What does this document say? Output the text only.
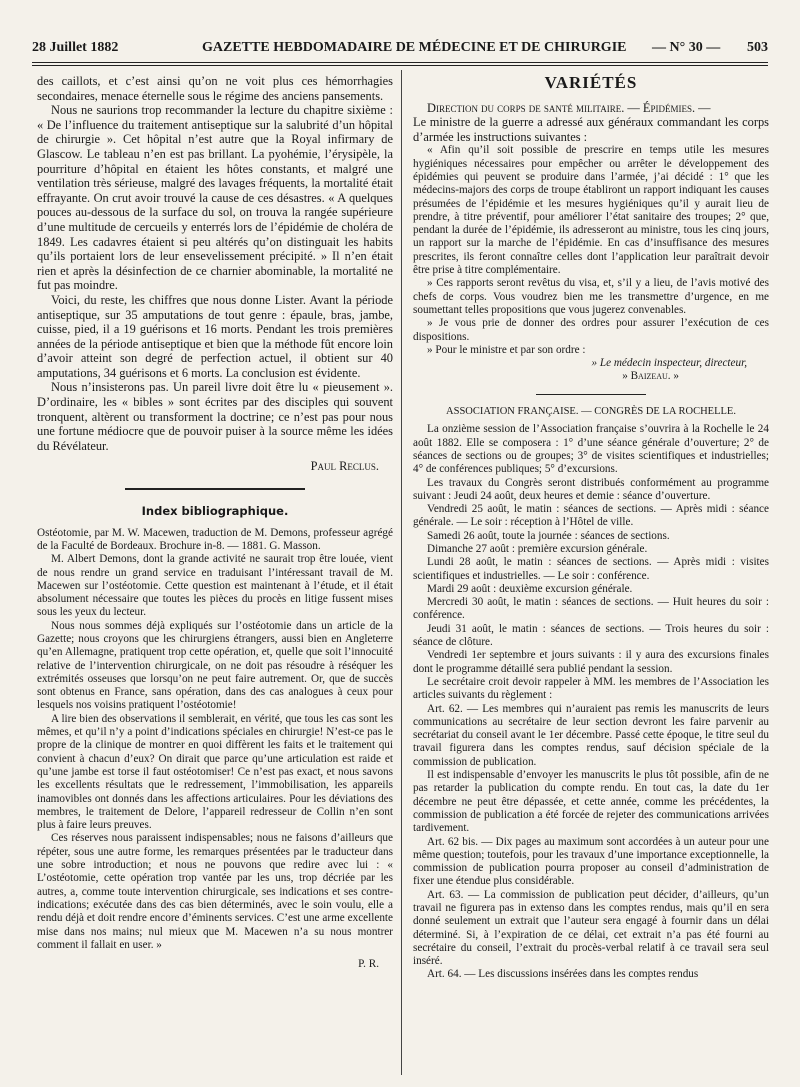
28 Juillet 1882	GAZETTE HEBDOMADAIRE DE MÉDECINE ET DE CHIRURGIE — N° 30 — 503

des caillots, et c’est ainsi qu’on ne voit plus ces hémorrhagies secondaires, menace éternelle sous le régime des anciens pansements.

Nous ne saurions trop recommander la lecture du chapitre sixième : « De l’influence du traitement antiseptique sur la salubrité d’un hôpital de chirurgie ». Cet hôpital n’est autre que la Royal infirmary de Glascow. Le tableau n’en est pas brillant. La pyohémie, l’érysipèle, la pourriture d’hôpital en étaient les hôtes constants, et malgré une ventilation très sérieuse, malgré des lavages fréquents, la mortalité était effrayante. On crut avoir trouvé la cause de ces désastres. « A quelques pouces au-dessous de la surface du sol, on trouva la rangée supérieure d’une multitude de cercueils y enterrés lors de l’épidémie de choléra de 1849. Les cadavres étaient si peu altérés qu’on distinguait les habits qu’ils portaient lors de leur ensevelissement précipité. » Il n’en était rien et après la désinfection de ce charnier abominable, la mortalité ne fut pas moindre.

Voici, du reste, les chiffres que nous donne Lister. Avant la période antiseptique, sur 35 amputations de tout genre : épaule, bras, jambe, cuisse, pied, il a 19 guérisons et 16 morts. Pendant les trois premières années de la période antiseptique et bien que la méthode fût encore loin d’avoir atteint son degré de perfection actuel, il obtient sur 40 amputations, 34 guérisons et 6 morts. La conclusion est évidente.

Nous n’insisterons pas. Un pareil livre doit être lu « pieusement ». D’ordinaire, les « bibles » sont écrites par des disciples qui souvent tronquent, altèrent ou transforment la doctrine; ce n’est pas pour nous une fortune médiocre que de pouvoir puiser à la source même les idées du Révélateur.

Paul Reclus.

Index bibliographique.

Ostéotomie, par M. W. Macewen, traduction de M. Demons, professeur agrégé de la Faculté de Bordeaux. Brochure in-8. — 1881. G. Masson.

M. Albert Demons, dont la grande activité ne saurait trop être louée, vient de nous rendre un grand service en traduisant l’intéressant travail de M. Macewen sur l’ostéotomie. Cette question est maintenant à l’étude, et il était absolument nécessaire que toutes les pièces du procès en litige fussent mises sous les yeux du lecteur.

Nous nous sommes déjà expliqués sur l’ostéotomie dans un article de la Gazette; nous croyons que les chirurgiens étrangers, aussi bien en Angleterre qu’en Allemagne, pratiquent trop cette opération, et, quelle que soit l’innocuité relative de l’intervention chirurgicale, on ne doit pas résoudre à réséquer les extrémités osseuses que lorsqu’on ne peut faire autrement. Or, que de succès sont obtenus en France, sans opération, dans des cas analogues à ceux pour lesquels nos voisins pratiquent l’ostéotomie!

A lire bien des observations il semblerait, en vérité, que tous les cas sont les mêmes, et qu’il n’y a point d’indications spéciales en chirurgie! N’est-ce pas le propre de la clinique de montrer en quoi diffèrent les faits et le traitement qui convient à chacun d’eux? On dirait que parce qu’une articulation est raide et qu’une jambe est torse il faut ostéotomiser! Ce n’est pas exact, et nous savons les excellents résultats que le redressement, l’immobilisation, les appareils inamovibles ont donnés dans les affections articulaires. Pour les déviations des membres, le traitement de Delore, l’appareil redresseur de Collin n’en sont plus à faire leurs preuves.

Ces réserves nous paraissent indispensables; nous ne faisons d’ailleurs que répéter, sous une autre forme, les remarques présentées par le traducteur dans une sobre introduction; et nous ne pouvons que redire avec lui : « L’ostéotomie, cette opération trop vantée par les uns, trop décriée par les autres, a, comme toute intervention chirurgicale, ses indications et ses contre-indications; exécutée dans des cas bien déterminés, avec le soin voulu, elle a rendu déjà et doit rendre encore d’éminents services. C’est une arme excellente mise dans nos mains; nul mieux que M. Macewen n’a su nous montrer comment il fallait en user. »

P. R.

VARIÉTÉS

Direction du corps de santé militaire. — Épidémies. —

Le ministre de la guerre a adressé aux généraux commandant les corps d’armée les instructions suivantes :

« Afin qu’il soit possible de prescrire en temps utile les mesures hygiéniques nécessaires pour empêcher ou arrêter le développement des épidémies qui peuvent se produire dans l’armée, j’ai décidé : 1° que les médecins-majors des corps de troupe établiront un rapport indiquant les causes présumées de l’épidémie et les mesures hygiéniques qu’il y aurait lieu de prendre, à titre préventif, pour améliorer l’état sanitaire des troupes; 2° que, pendant la durée de l’épidémie, ils adresseront au ministre, tous les cinq jours, un rapport sur la marche de l’épidémie. En cas d’insuffisance des mesures prescrites, ils feront connaître celles dont l’application leur paraîtrait devoir être prise à titre complémentaire.

» Ces rapports seront revêtus du visa, et, s’il y a lieu, de l’avis motivé des chefs de corps. Vous voudrez bien me les transmettre d’urgence, en me soumettant telles propositions que vous jugerez convenables.

» Je vous prie de donner des ordres pour assurer l’exécution de ces dispositions.

» Pour le ministre et par son ordre :

» Le médecin inspecteur, directeur,

» Baizeau. »

ASSOCIATION FRANÇAISE. — CONGRÈS DE LA ROCHELLE.

La onzième session de l’Association française s’ouvrira à la Rochelle le 24 août 1882. Elle se composera : 1° d’une séance générale d’ouverture; 2° de séances de sections ou de groupes; 3° de visites scientifiques et industrielles; 4° de conférences publiques; 5° d’excursions.

Les travaux du Congrès seront distribués conformément au programme suivant : Jeudi 24 août, deux heures et demie : séance d’ouverture.

Vendredi 25 août, le matin : séances de sections. — Après midi : séance générale. — Le soir : réception à l’Hôtel de ville.

Samedi 26 août, toute la journée : séances de sections.

Dimanche 27 août : première excursion générale.

Lundi 28 août, le matin : séances de sections. — Après midi : visites scientifiques et industrielles. — Le soir : conférence.

Mardi 29 août : deuxième excursion générale.

Mercredi 30 août, le matin : séances de sections. — Huit heures du soir : conférence.

Jeudi 31 août, le matin : séances de sections. — Trois heures du soir : séance de clôture.

Vendredi 1er septembre et jours suivants : il y aura des excursions finales dont le programme détaillé sera publié pendant la session.

Le secrétaire croit devoir rappeler à MM. les membres de l’Association les articles suivants du règlement :

Art. 62. — Les membres qui n’auraient pas remis les manuscrits de leurs communications au secrétaire de leur section devront les faire parvenir au secrétariat du conseil avant le 1er décembre. Passé cette époque, le titre seul du travail figurera dans les comptes rendus, sauf décision spéciale de la commission de publication.

Il est indispensable d’envoyer les manuscrits le plus tôt possible, afin de ne pas retarder la publication du compte rendu. En tout cas, la date du 1er décembre ne peut être dépassée, et cette année, comme les précédentes, la commission de publication a été forcée de rejeter des communications arrivées tardivement.

Art. 62 bis. — Dix pages au maximum sont accordées à un auteur pour une même question; toutefois, pour les travaux d’une importance exceptionnelle, la commission de publication pourra proposer au conseil d’administration de fixer une étendue plus considérable.

Art. 63. — La commission de publication peut décider, d’ailleurs, qu’un travail ne figurera pas in extenso dans les comptes rendus, mais qu’il en sera donné seulement un extrait que l’auteur sera engagé à fournir dans un délai déterminé. Si, à l’expiration de ce délai, cet extrait n’a pas été fourni au secrétaire du conseil, l’extrait du procès-verbal relatif à ce travail sera seul inséré.

Art. 64. — Les discussions insérées dans les comptes rendus
